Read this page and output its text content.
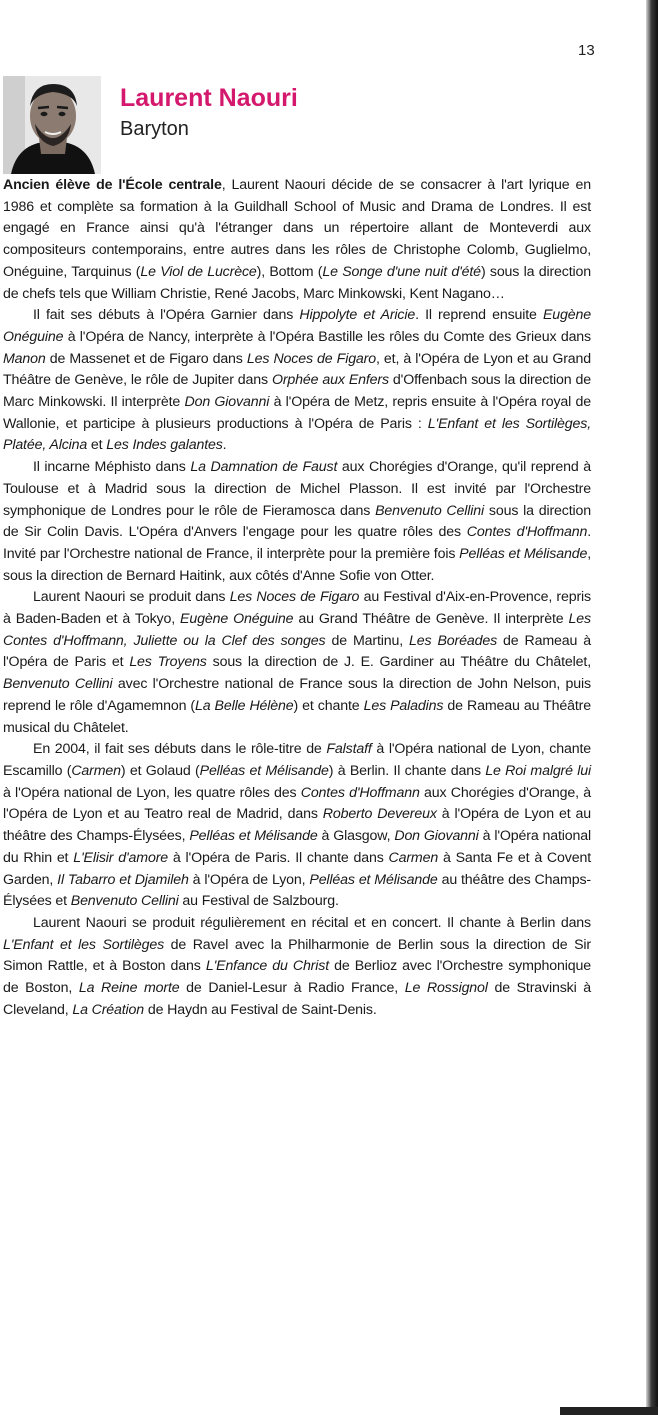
13
Laurent Naouri
Baryton

Ancien élève de l'École centrale, Laurent Naouri décide de se consacrer à l'art lyrique en 1986 et complète sa formation à la Guildhall School of Music and Drama de Londres. Il est engagé en France ainsi qu'à l'étranger dans un répertoire allant de Monteverdi aux compositeurs contemporains, entre autres dans les rôles de Christophe Colomb, Guglielmo, Onéguine, Tarquinus (Le Viol de Lucrèce), Bottom (Le Songe d'une nuit d'été) sous la direction de chefs tels que William Christie, René Jacobs, Marc Minkowski, Kent Nagano…

Il fait ses débuts à l'Opéra Garnier dans Hippolyte et Aricie. Il reprend ensuite Eugène Onéguine à l'Opéra de Nancy, interprète à l'Opéra Bastille les rôles du Comte des Grieux dans Manon de Massenet et de Figaro dans Les Noces de Figaro, et, à l'Opéra de Lyon et au Grand Théâtre de Genève, le rôle de Jupiter dans Orphée aux Enfers d'Offenbach sous la direction de Marc Minkowski. Il interprète Don Giovanni à l'Opéra de Metz, repris ensuite à l'Opéra royal de Wallonie, et participe à plusieurs productions à l'Opéra de Paris : L'Enfant et les Sortilèges, Platée, Alcina et Les Indes galantes.

Il incarne Méphisto dans La Damnation de Faust aux Chorégies d'Orange, qu'il reprend à Toulouse et à Madrid sous la direction de Michel Plasson. Il est invité par l'Orchestre symphonique de Londres pour le rôle de Fieramosca dans Benvenuto Cellini sous la direction de Sir Colin Davis. L'Opéra d'Anvers l'engage pour les quatre rôles des Contes d'Hoffmann. Invité par l'Orchestre national de France, il interprète pour la première fois Pelléas et Mélisande, sous la direction de Bernard Haitink, aux côtés d'Anne Sofie von Otter.

Laurent Naouri se produit dans Les Noces de Figaro au Festival d'Aix-en-Provence, repris à Baden-Baden et à Tokyo, Eugène Onéguine au Grand Théâtre de Genève. Il interprète Les Contes d'Hoffmann, Juliette ou la Clef des songes de Martinu, Les Boréades de Rameau à l'Opéra de Paris et Les Troyens sous la direction de J. E. Gardiner au Théâtre du Châtelet, Benvenuto Cellini avec l'Orchestre national de France sous la direction de John Nelson, puis reprend le rôle d'Agamemnon (La Belle Hélène) et chante Les Paladins de Rameau au Théâtre musical du Châtelet.

En 2004, il fait ses débuts dans le rôle-titre de Falstaff à l'Opéra national de Lyon, chante Escamillo (Carmen) et Golaud (Pelléas et Mélisande) à Berlin. Il chante dans Le Roi malgré lui à l'Opéra national de Lyon, les quatre rôles des Contes d'Hoffmann aux Chorégies d'Orange, à l'Opéra de Lyon et au Teatro real de Madrid, dans Roberto Devereux à l'Opéra de Lyon et au théâtre des Champs-Élysées, Pelléas et Mélisande à Glasgow, Don Giovanni à l'Opéra national du Rhin et L'Elisir d'amore à l'Opéra de Paris. Il chante dans Carmen à Santa Fe et à Covent Garden, Il Tabarro et Djamileh à l'Opéra de Lyon, Pelléas et Mélisande au théâtre des Champs-Élysées et Benvenuto Cellini au Festival de Salzbourg.

Laurent Naouri se produit régulièrement en récital et en concert. Il chante à Berlin dans L'Enfant et les Sortilèges de Ravel avec la Philharmonie de Berlin sous la direction de Sir Simon Rattle, et à Boston dans L'Enfance du Christ de Berlioz avec l'Orchestre symphonique de Boston, La Reine morte de Daniel-Lesur à Radio France, Le Rossignol de Stravinski à Cleveland, La Création de Haydn au Festival de Saint-Denis.
